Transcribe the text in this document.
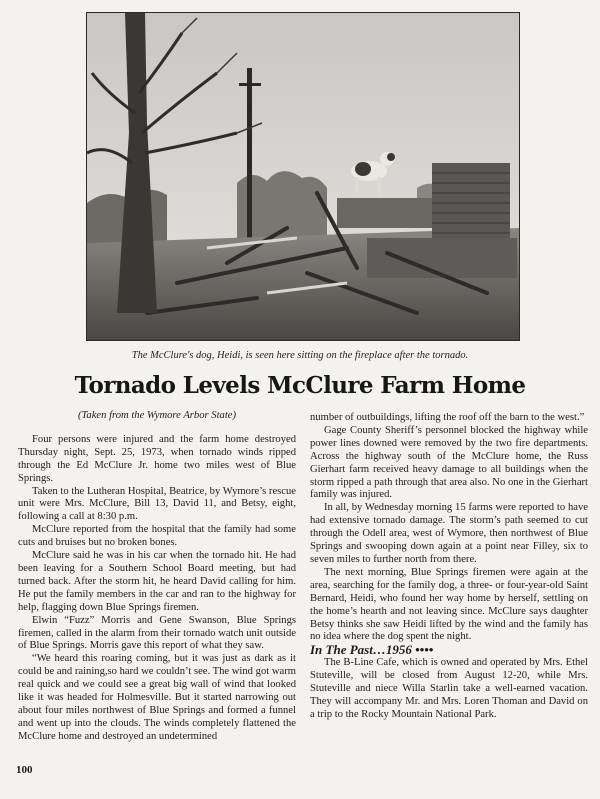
The McClure's dog, Heidi, is seen here sitting on the fireplace after the tornado.
Tornado Levels McClure Farm Home

(Taken from the Wymore Arbor State)

Four persons were injured and the farm home destroyed Thursday night, Sept. 25, 1973, when tornado winds ripped through the Ed McClure Jr. home two miles west of Blue Springs.

Taken to the Lutheran Hospital, Beatrice, by Wymore’s rescue unit were Mrs. McClure, Bill 13, David 11, and Betsy, eight, following a call at 8:30 p.m.

McClure reported from the hospital that the family had some cuts and bruises but no broken bones.

McClure said he was in his car when the tornado hit. He had been leaving for a Southern School Board meeting, but had turned back. After the storm hit, he heard David calling for him. He put the family members in the car and ran to the highway for help, flagging down Blue Springs firemen.

Elwin “Fuzz” Morris and Gene Swanson, Blue Springs firemen, called in the alarm from their tornado watch unit outside of Blue Springs. Morris gave this report of what they saw.

“We heard this roaring coming, but it was just as dark as it could be and raining,so hard we couldn’t see. The wind got warm real quick and we could see a great big wall of wind that looked like it was headed for Holmesville. But it started narrowing out about four miles northwest of Blue Springs and formed a funnel and went up into the clouds. The winds completely flattened the McClure home and destroyed an undetermined

number of outbuildings, lifting the roof off the barn to the west.”

Gage County Sheriff’s personnel blocked the highway while power lines downed were removed by the two fire departments. Across the highway south of the McClure home, the Russ Gierhart farm received heavy damage to all buildings when the storm ripped a path through that area also. No one in the Gierhart family was injured.

In all, by Wednesday morning 15 farms were reported to have had extensive tornado damage. The storm’s path seemed to cut through the Odell area, west of Wymore, then northwest of Blue Springs and swooping down again at a point near Filley, six to seven miles to further north from there.

The next morning, Blue Springs firemen were again at the area, searching for the family dog, a three- or four-year-old Saint Bernard, Heidi, who found her way home by herself, settling on the home’s hearth and not leaving since. McClure says daughter Betsy thinks she saw Heidi lifted by the wind and the family has no idea where the dog spent the night.

In The Past…1956 ••••

The B-Line Cafe, which is owned and operated by Mrs. Ethel Stuteville, will be closed from August 12-20, while Mrs. Stuteville and niece Willa Starlin take a well-earned vacation. They will accompany Mr. and Mrs. Loren Thoman and David on a trip to the Rocky Mountain National Park.

100
